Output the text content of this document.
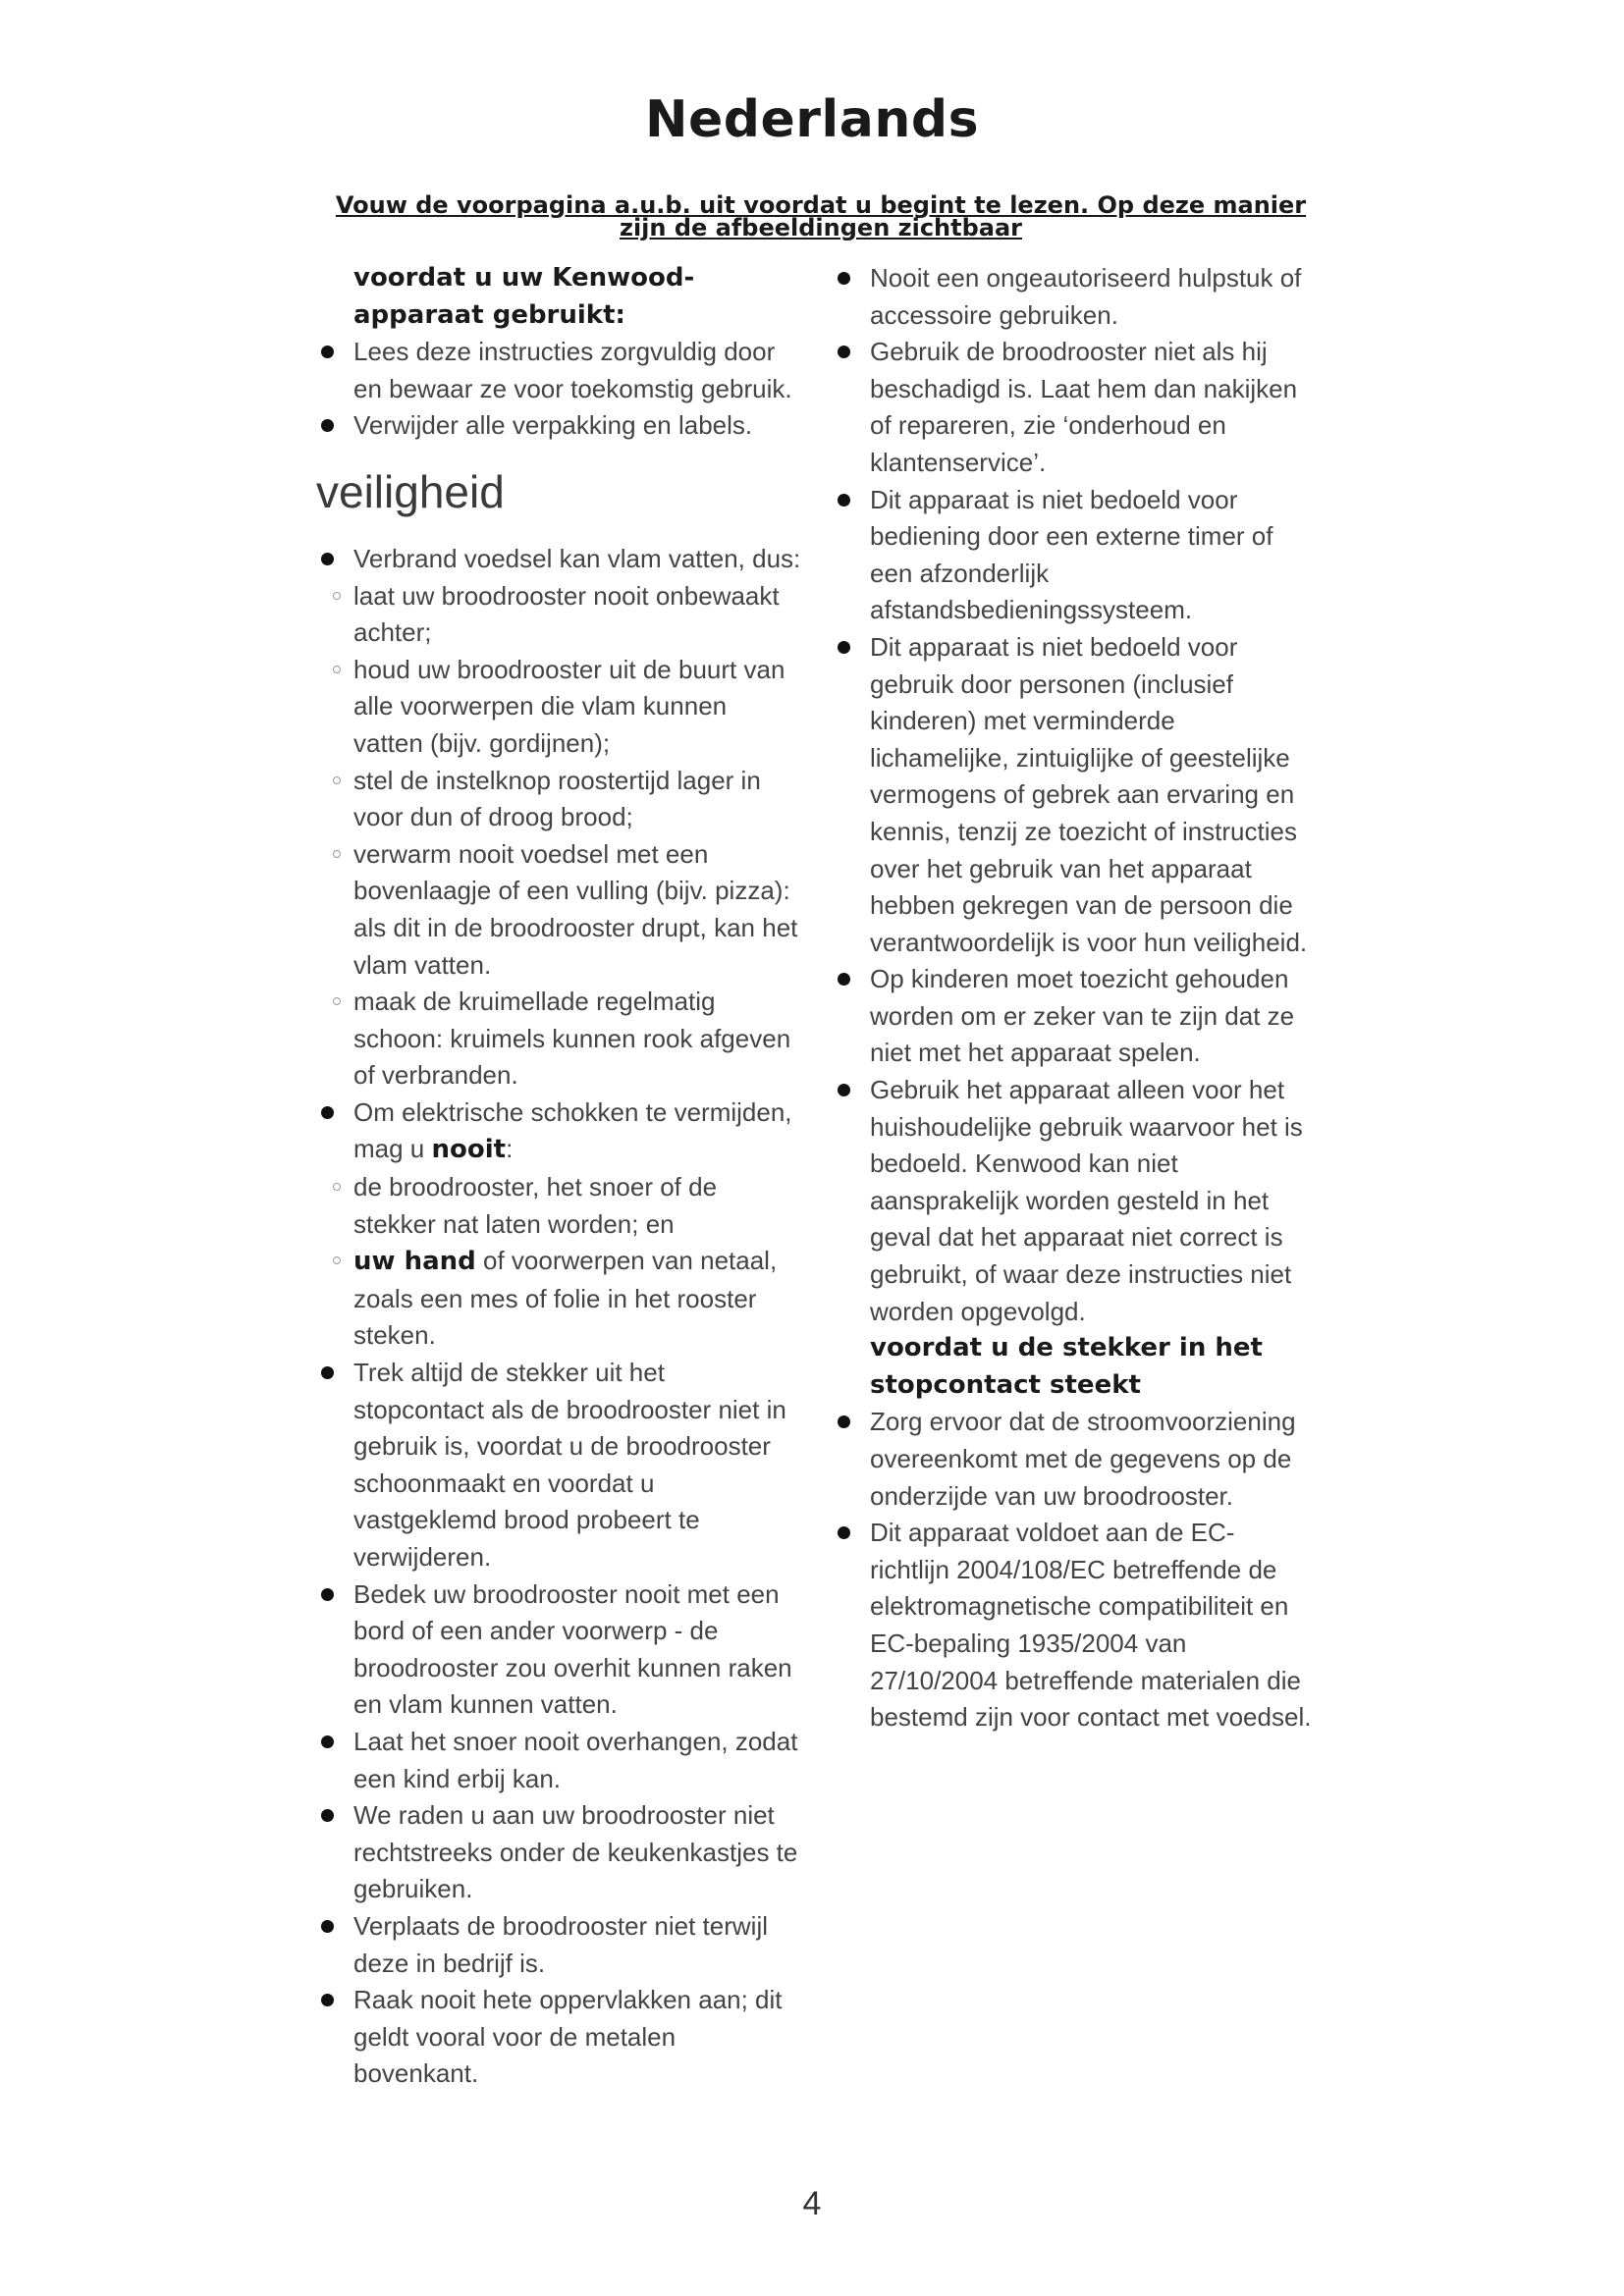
Nederlands
Vouw de voorpagina a.u.b. uit voordat u begint te lezen. Op deze manier zijn de afbeeldingen zichtbaar
voordat u uw Kenwood-apparaat gebruikt:
Lees deze instructies zorgvuldig door en bewaar ze voor toekomstig gebruik.
Verwijder alle verpakking en labels.
veiligheid
Verbrand voedsel kan vlam vatten, dus:
laat uw broodrooster nooit onbewaakt achter;
houd uw broodrooster uit de buurt van alle voorwerpen die vlam kunnen vatten (bijv. gordijnen);
stel de instelknop roostertijd lager in voor dun of droog brood;
verwarm nooit voedsel met een bovenlaagje of een vulling (bijv. pizza): als dit in de broodrooster drupt, kan het vlam vatten.
maak de kruimellade regelmatig schoon: kruimels kunnen rook afgeven of verbranden.
Om elektrische schokken te vermijden, mag u nooit:
de broodrooster, het snoer of de stekker nat laten worden; en
uw hand of voorwerpen van netaal, zoals een mes of folie in het rooster steken.
Trek altijd de stekker uit het stopcontact als de broodrooster niet in gebruik is, voordat u de broodrooster schoonmaakt en voordat u vastgeklemd brood probeert te verwijderen.
Bedek uw broodrooster nooit met een bord of een ander voorwerp - de broodrooster zou overhit kunnen raken en vlam kunnen vatten.
Laat het snoer nooit overhangen, zodat een kind erbij kan.
We raden u aan uw broodrooster niet rechtstreeks onder de keukenkastjes te gebruiken.
Verplaats de broodrooster niet terwijl deze in bedrijf is.
Raak nooit hete oppervlakken aan; dit geldt vooral voor de metalen bovenkant.
Nooit een ongeautoriseerd hulpstuk of accessoire gebruiken.
Gebruik de broodrooster niet als hij beschadigd is. Laat hem dan nakijken of repareren, zie ‘onderhoud en klantenservice’.
Dit apparaat is niet bedoeld voor bediening door een externe timer of een afzonderlijk afstandsbedieningssysteem.
Dit apparaat is niet bedoeld voor gebruik door personen (inclusief kinderen) met verminderde lichamelijke, zintuiglijke of geestelijke vermogens of gebrek aan ervaring en kennis, tenzij ze toezicht of instructies over het gebruik van het apparaat hebben gekregen van de persoon die verantwoordelijk is voor hun veiligheid.
Op kinderen moet toezicht gehouden worden om er zeker van te zijn dat ze niet met het apparaat spelen.
Gebruik het apparaat alleen voor het huishoudelijke gebruik waarvoor het is bedoeld. Kenwood kan niet aansprakelijk worden gesteld in het geval dat het apparaat niet correct is gebruikt, of waar deze instructies niet worden opgevolgd.
voordat u de stekker in het stopcontact steekt
Zorg ervoor dat de stroomvoorziening overeenkomt met de gegevens op de onderzijde van uw broodrooster.
Dit apparaat voldoet aan de EC-richtlijn 2004/108/EC betreffende de elektromagnetische compatibiliteit en EC-bepaling 1935/2004 van 27/10/2004 betreffende materialen die bestemd zijn voor contact met voedsel.
4
